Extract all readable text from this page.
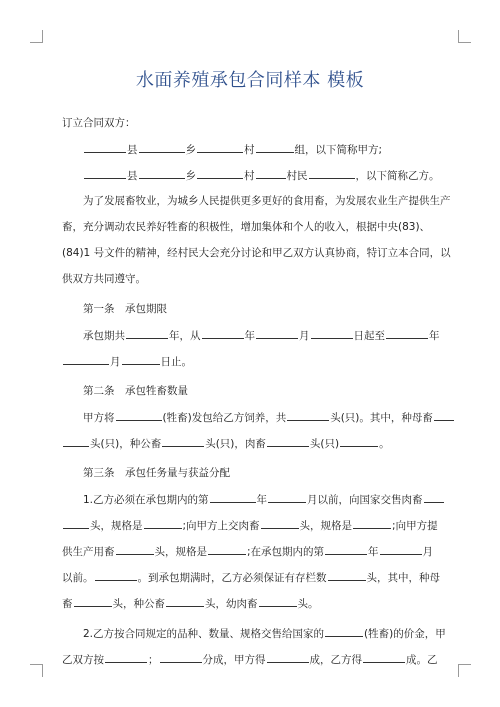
水面养殖承包合同样本 模板
订立合同双方：
县	乡	村	组，以下简称甲方;
县	乡	村	村民	，以下简称乙方。
为了发展畜牧业，为城乡人民提供更多更好的食用畜，为发展农业生产提供生产
畜，充分调动农民养好牲畜的积极性，增加集体和个人的收入，根据中央(83)、
(84)1 号文件的精神，经村民大会充分讨论和甲乙双方认真协商，特订立本合同，以
供双方共同遵守。
第一条　承包期限
承包期共	年，从	年	月	日起至	年
月	日止。
第二条　承包牲畜数量
甲方将	(牲畜)发包给乙方饲养，共	头(只)。其中，种母畜
头(只)，种公畜	头(只)，肉畜	头(只)	。
第三条　承包任务量与获益分配
1.乙方必须在承包期内的第	年	月以前，向国家交售肉畜
头，规格是	;向甲方上交肉畜	头，规格是	;向甲方提
供生产用畜	头，规格是	;在承包期内的第	年	月
以前。	。到承包期满时，乙方必须保证有存栏数	头，其中，种母
畜	头，种公畜	头，幼肉畜	头。
2.乙方按合同规定的品种、数量、规格交售给国家的	(牲畜)的价金，甲
乙双方按	；	分成，甲方得	成，乙方得	成。乙
